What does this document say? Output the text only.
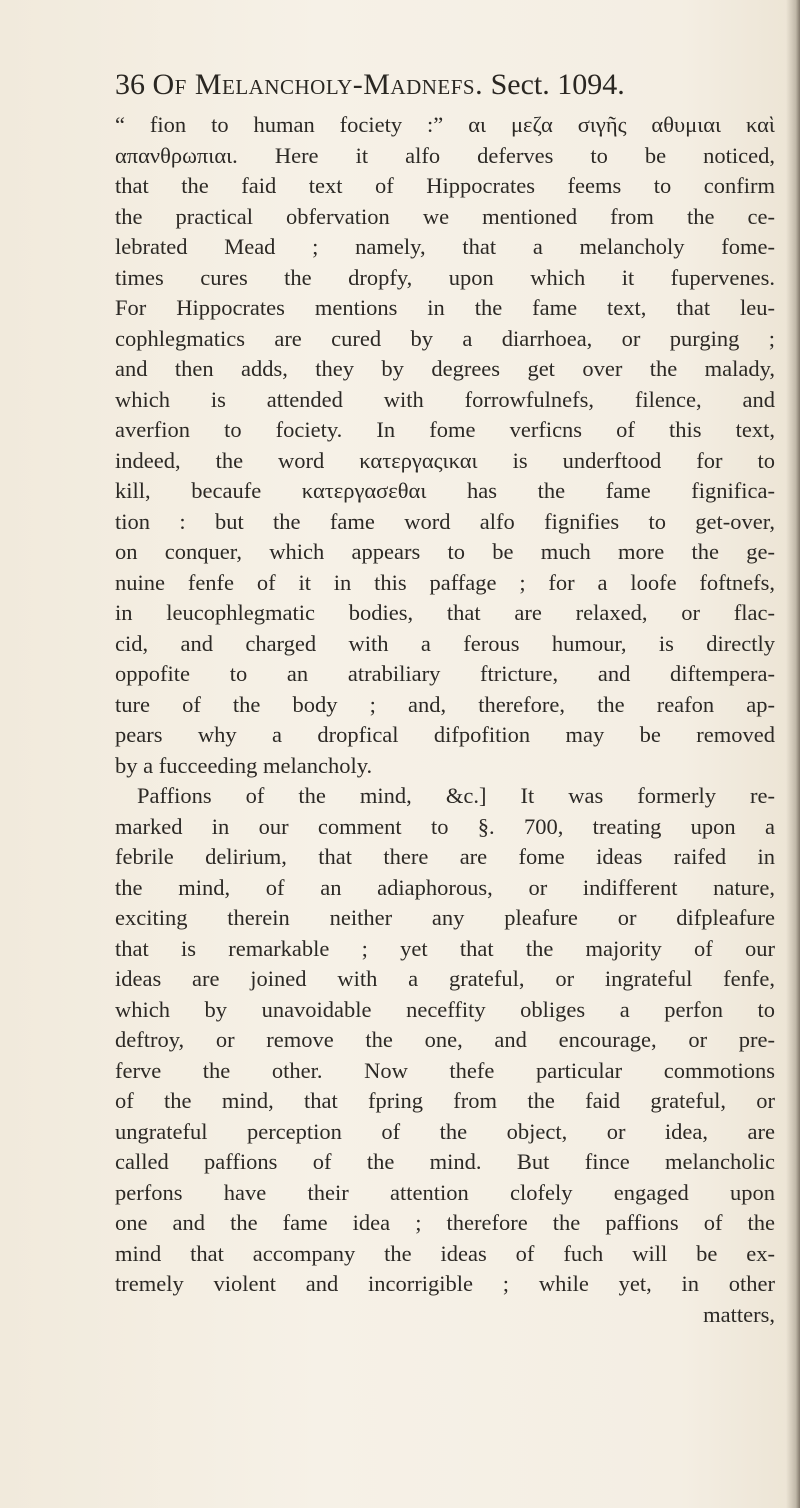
36 Of Melancholy-Madnefs. Sect. 1094.
“ fion to human fociety :” αι μεζα σιγῆς αθυμιαι καὶ
απανθρωπιαι. Here it alfo deferves to be noticed,
that the faid text of Hippocrates feems to confirm
the practical obfervation we mentioned from the ce-
lebrated Mead ; namely, that a melancholy fome-
times cures the dropfy, upon which it fupervenes.
For Hippocrates mentions in the fame text, that leu-
cophlegmatics are cured by a diarrhoea, or purging ;
and then adds, they by degrees get over the malady,
which is attended with forrowfulnefs, filence, and
averfion to fociety. In fome verficns of this text,
indeed, the word κατεργαςικαι is underftood for to
kill, becaufe κατεργασεθαι has the fame fignifica-
tion : but the fame word alfo fignifies to get-over,
on conquer, which appears to be much more the ge-
nuine fenfe of it in this paffage ; for a loofe foftnefs,
in leucophlegmatic bodies, that are relaxed, or flac-
cid, and charged with a ferous humour, is directly
oppofite to an atrabiliary ftricture, and diftempera-
ture of the body ; and, therefore, the reafon ap-
pears why a dropfical difpofition may be removed
by a fucceeding melancholy.
Paffions of the mind, &c.] It was formerly re-
marked in our comment to §. 700, treating upon a
febrile delirium, that there are fome ideas raifed in
the mind, of an adiaphorous, or indifferent nature,
exciting therein neither any pleafure or difpleafure
that is remarkable ; yet that the majority of our
ideas are joined with a grateful, or ingrateful fenfe,
which by unavoidable neceffity obliges a perfon to
deftroy, or remove the one, and encourage, or pre-
ferve the other. Now thefe particular commotions
of the mind, that fpring from the faid grateful, or
ungrateful perception of the object, or idea, are
called paffions of the mind. But fince melancholic
perfons have their attention clofely engaged upon
one and the fame idea ; therefore the paffions of the
mind that accompany the ideas of fuch will be ex-
tremely violent and incorrigible ; while yet, in other
matters,
